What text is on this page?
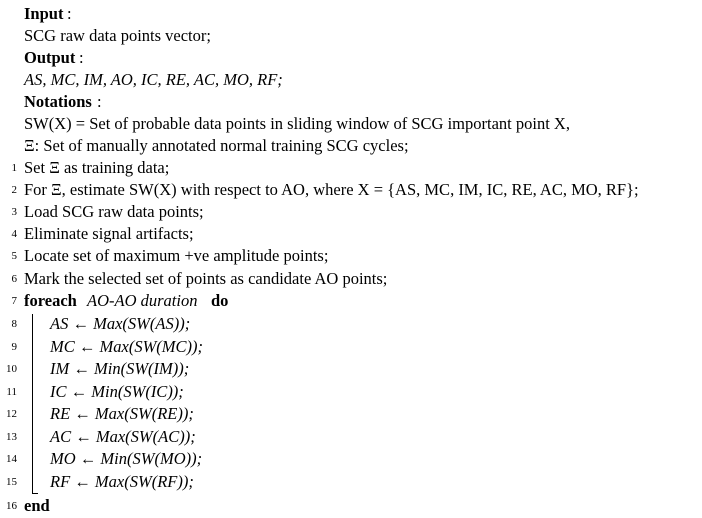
Input :
SCG raw data points vector;
Output :
AS, MC, IM, AO, IC, RE, AC, MO, RF;
Notations :
SW(X) = Set of probable data points in sliding window of SCG important point X,
Ξ: Set of manually annotated normal training SCG cycles;
1 Set Ξ as training data;
2 For Ξ, estimate SW(X) with respect to AO, where X = {AS, MC, IM, IC, RE, AC, MO, RF};
3 Load SCG raw data points;
4 Eliminate signal artifacts;
5 Locate set of maximum +ve amplitude points;
6 Mark the selected set of points as candidate AO points;
7 foreach AO-AO duration do
8 AS ← Max(SW(AS));
9 MC ← Max(SW(MC));
10 IM ← Min(SW(IM));
11 IC ← Min(SW(IC));
12 RE ← Max(SW(RE));
13 AC ← Max(SW(AC));
14 MO ← Min(SW(MO));
15 RF ← Max(SW(RF));
16 end
